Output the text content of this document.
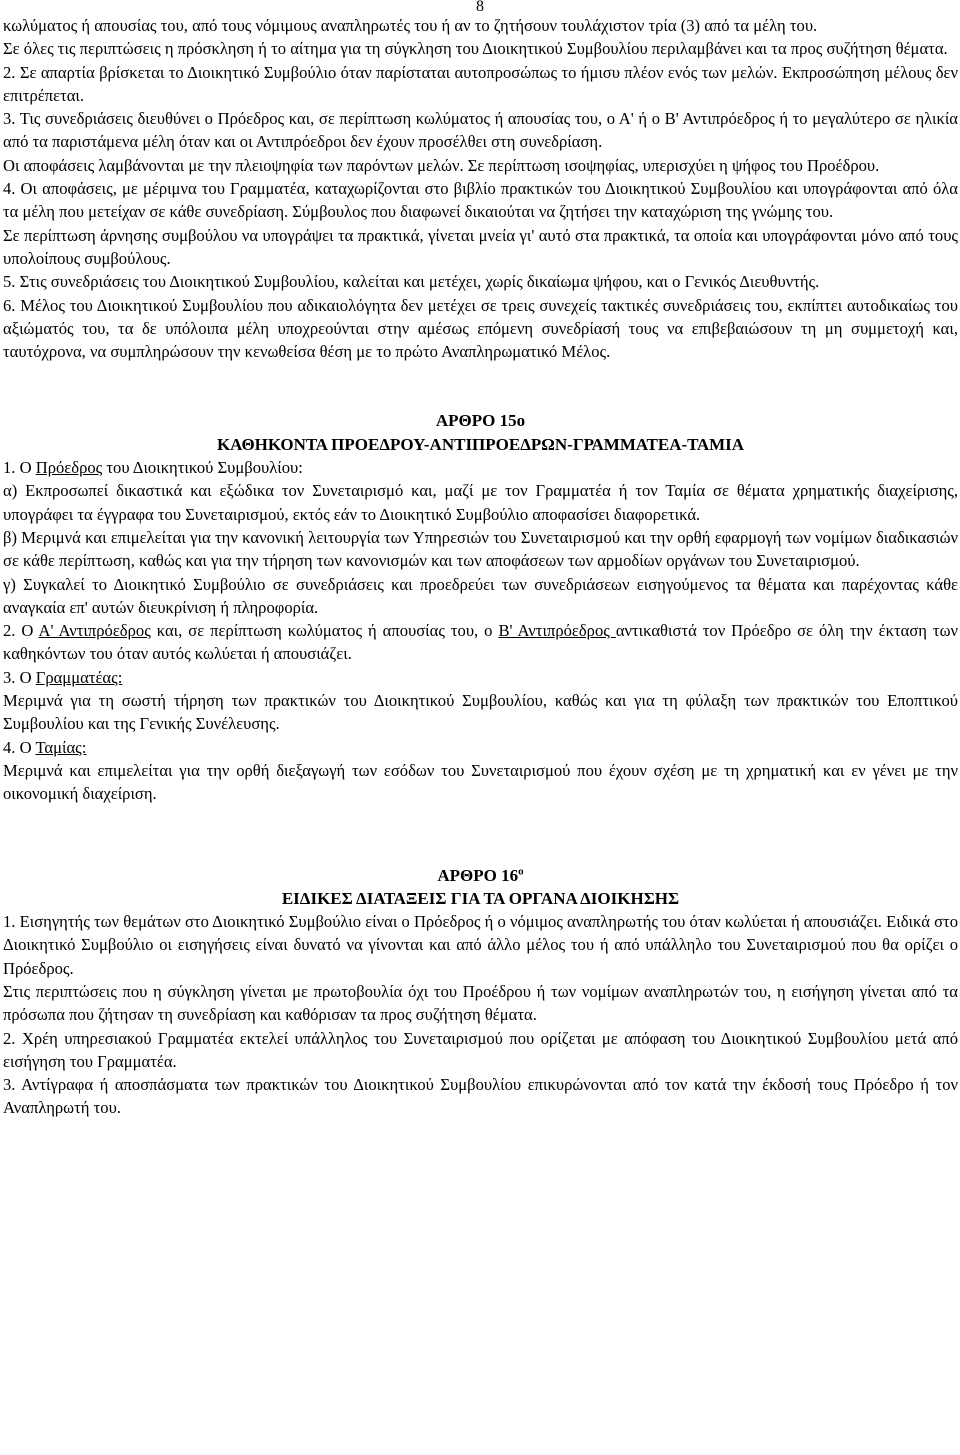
8

κωλύματος ή απουσίας του, από τους νόμιμους αναπληρωτές του ή αν το ζητήσουν τουλάχιστον τρία (3) από τα μέλη του.

Σε όλες τις περιπτώσεις η πρόσκληση ή το αίτημα για τη σύγκληση του Διοικητικού Συμβουλίου περιλαμβάνει και τα προς συζήτηση θέματα.

2. Σε απαρτία βρίσκεται το Διοικητικό Συμβούλιο όταν παρίσταται αυτοπροσώπως το ήμισυ πλέον ενός των μελών. Εκπροσώπηση μέλους δεν επιτρέπεται.

3. Τις συνεδριάσεις διευθύνει ο Πρόεδρος και, σε περίπτωση κωλύματος ή απουσίας του, ο Α' ή ο Β' Αντιπρόεδρος ή το μεγαλύτερο σε ηλικία από τα παριστάμενα μέλη όταν και οι Αντιπρόεδροι δεν έχουν προσέλθει στη συνεδρίαση.

Οι αποφάσεις λαμβάνονται με την πλειοψηφία των παρόντων μελών. Σε περίπτωση ισοψηφίας, υπερισχύει η ψήφος του Προέδρου.

4. Οι αποφάσεις, με μέριμνα του Γραμματέα, καταχωρίζονται στο βιβλίο πρακτικών του Διοικητικού Συμβουλίου και υπογράφονται από όλα τα μέλη που μετείχαν σε κάθε συνεδρίαση. Σύμβουλος που διαφωνεί δικαιούται να ζητήσει την καταχώριση της γνώμης του.

Σε περίπτωση άρνησης συμβούλου να υπογράψει τα πρακτικά, γίνεται μνεία γι' αυτό στα πρακτικά, τα οποία και υπογράφονται μόνο από τους υπολοίπους συμβούλους.

5. Στις συνεδριάσεις του Διοικητικού Συμβουλίου, καλείται και μετέχει, χωρίς δικαίωμα ψήφου, και ο Γενικός Διευθυντής.

6. Μέλος του Διοικητικού Συμβουλίου που αδικαιολόγητα δεν μετέχει σε τρεις συνεχείς τακτικές συνεδριάσεις του, εκπίπτει αυτοδικαίως του αξιώματός του, τα δε υπόλοιπα μέλη υποχρεούνται στην αμέσως επόμενη συνεδρίασή τους να επιβεβαιώσουν τη μη συμμετοχή και, ταυτόχρονα, να συμπληρώσουν την κενωθείσα θέση με το πρώτο Αναπληρωματικό Μέλος.

ΑΡΘΡΟ 15ο

ΚΑΘΗΚΟΝΤΑ ΠΡΟΕΔΡΟΥ-ΑΝΤΙΠΡΟΕΔΡΩΝ-ΓΡΑΜΜΑΤΕΑ-ΤΑΜΙΑ

1. Ο Πρόεδρος του Διοικητικού Συμβουλίου:

α) Εκπροσωπεί δικαστικά και εξώδικα τον Συνεταιρισμό και, μαζί με τον Γραμματέα ή τον Ταμία σε θέματα χρηματικής διαχείρισης, υπογράφει τα έγγραφα του Συνεταιρισμού, εκτός εάν το Διοικητικό Συμβούλιο αποφασίσει διαφορετικά.

β) Μεριμνά και επιμελείται για την κανονική λειτουργία των Υπηρεσιών του Συνεταιρισμού και την ορθή εφαρμογή των νομίμων διαδικασιών σε κάθε περίπτωση, καθώς και για την τήρηση των κανονισμών και των αποφάσεων των αρμοδίων οργάνων του Συνεταιρισμού.

γ) Συγκαλεί το Διοικητικό Συμβούλιο σε συνεδριάσεις και προεδρεύει των συνεδριάσεων εισηγούμενος τα θέματα και παρέχοντας κάθε αναγκαία επ' αυτών διευκρίνιση ή πληροφορία.

2. Ο Α' Αντιπρόεδρος και, σε περίπτωση κωλύματος ή απουσίας του, ο Β' Αντιπρόεδρος αντικαθιστά τον Πρόεδρο σε όλη την έκταση των καθηκόντων του όταν αυτός κωλύεται ή απουσιάζει.

3. Ο Γραμματέας:

Μεριμνά για τη σωστή τήρηση των πρακτικών του Διοικητικού Συμβουλίου, καθώς και για τη φύλαξη των πρακτικών του Εποπτικού Συμβουλίου και της Γενικής Συνέλευσης.

4. Ο Ταμίας:

Μεριμνά και επιμελείται για την ορθή διεξαγωγή των εσόδων του Συνεταιρισμού που έχουν σχέση με τη χρηματική και εν γένει με την οικονομική διαχείριση.

ΑΡΘΡΟ $16^o$

ΕΙΔΙΚΕΣ ΔΙΑΤΑΞΕΙΣ ΓΙΑ ΤΑ ΟΡΓΑΝΑ ΔΙΟΙΚΗΣΗΣ

1. Εισηγητής των θεμάτων στο Διοικητικό Συμβούλιο είναι ο Πρόεδρος ή ο νόμιμος αναπληρωτής του όταν κωλύεται ή απουσιάζει. Ειδικά στο Διοικητικό Συμβούλιο οι εισηγήσεις είναι δυνατό να γίνονται και από άλλο μέλος του ή από υπάλληλο του Συνεταιρισμού που θα ορίζει ο Πρόεδρος.

Στις περιπτώσεις που η σύγκληση γίνεται με πρωτοβουλία όχι του Προέδρου ή των νομίμων αναπληρωτών του, η εισήγηση γίνεται από τα πρόσωπα που ζήτησαν τη συνεδρίαση και καθόρισαν τα προς συζήτηση θέματα.

2. Χρέη υπηρεσιακού Γραμματέα εκτελεί υπάλληλος του Συνεταιρισμού που ορίζεται με απόφαση του Διοικητικού Συμβουλίου μετά από εισήγηση του Γραμματέα.

3. Αντίγραφα ή αποσπάσματα των πρακτικών του Διοικητικού Συμβουλίου επικυρώνονται από τον κατά την έκδοσή τους Πρόεδρο ή τον Αναπληρωτή του.
